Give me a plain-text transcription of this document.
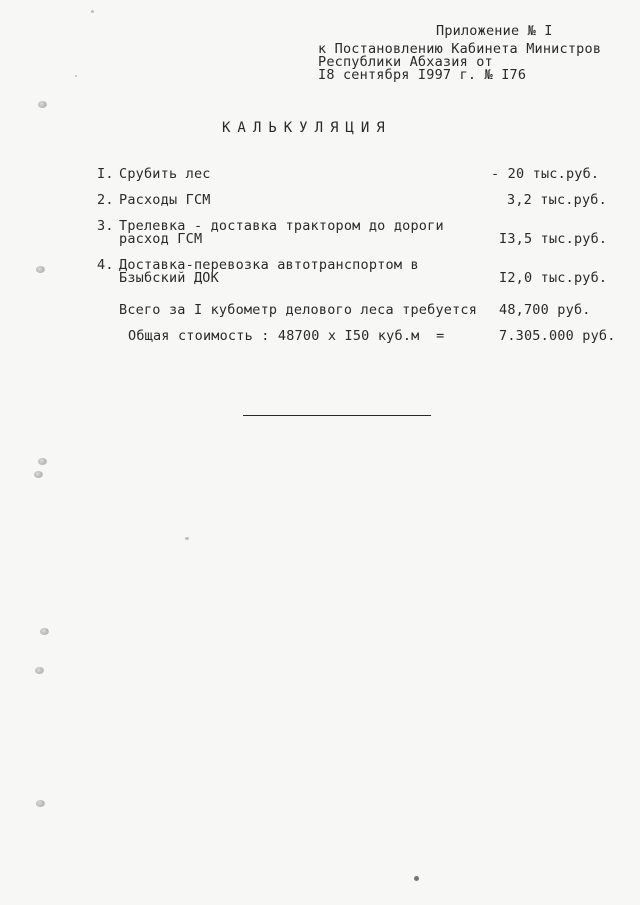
Приложение № I
к Постановлению Кабинета Министров
Республики Абхазия от
I8 сентября I997 г. № I76
КАЛЬКУЛЯЦИЯ
I. Срубить лес	- 20 тыс.руб.
2. Расходы ГСМ	3,2 тыс.руб.
3. Трелевка - доставка трактором до дороги
расход ГСМ	I3,5 тыс.руб.
4. Доставка-перевозка автотранспортом в
Бзыбский ДОК	I2,0 тыс.руб.
Всего за I кубометр делового леса требуется 48,700 руб.
Общая стоимость : 48700 х I50 куб.м  =	7.305.000 руб.
